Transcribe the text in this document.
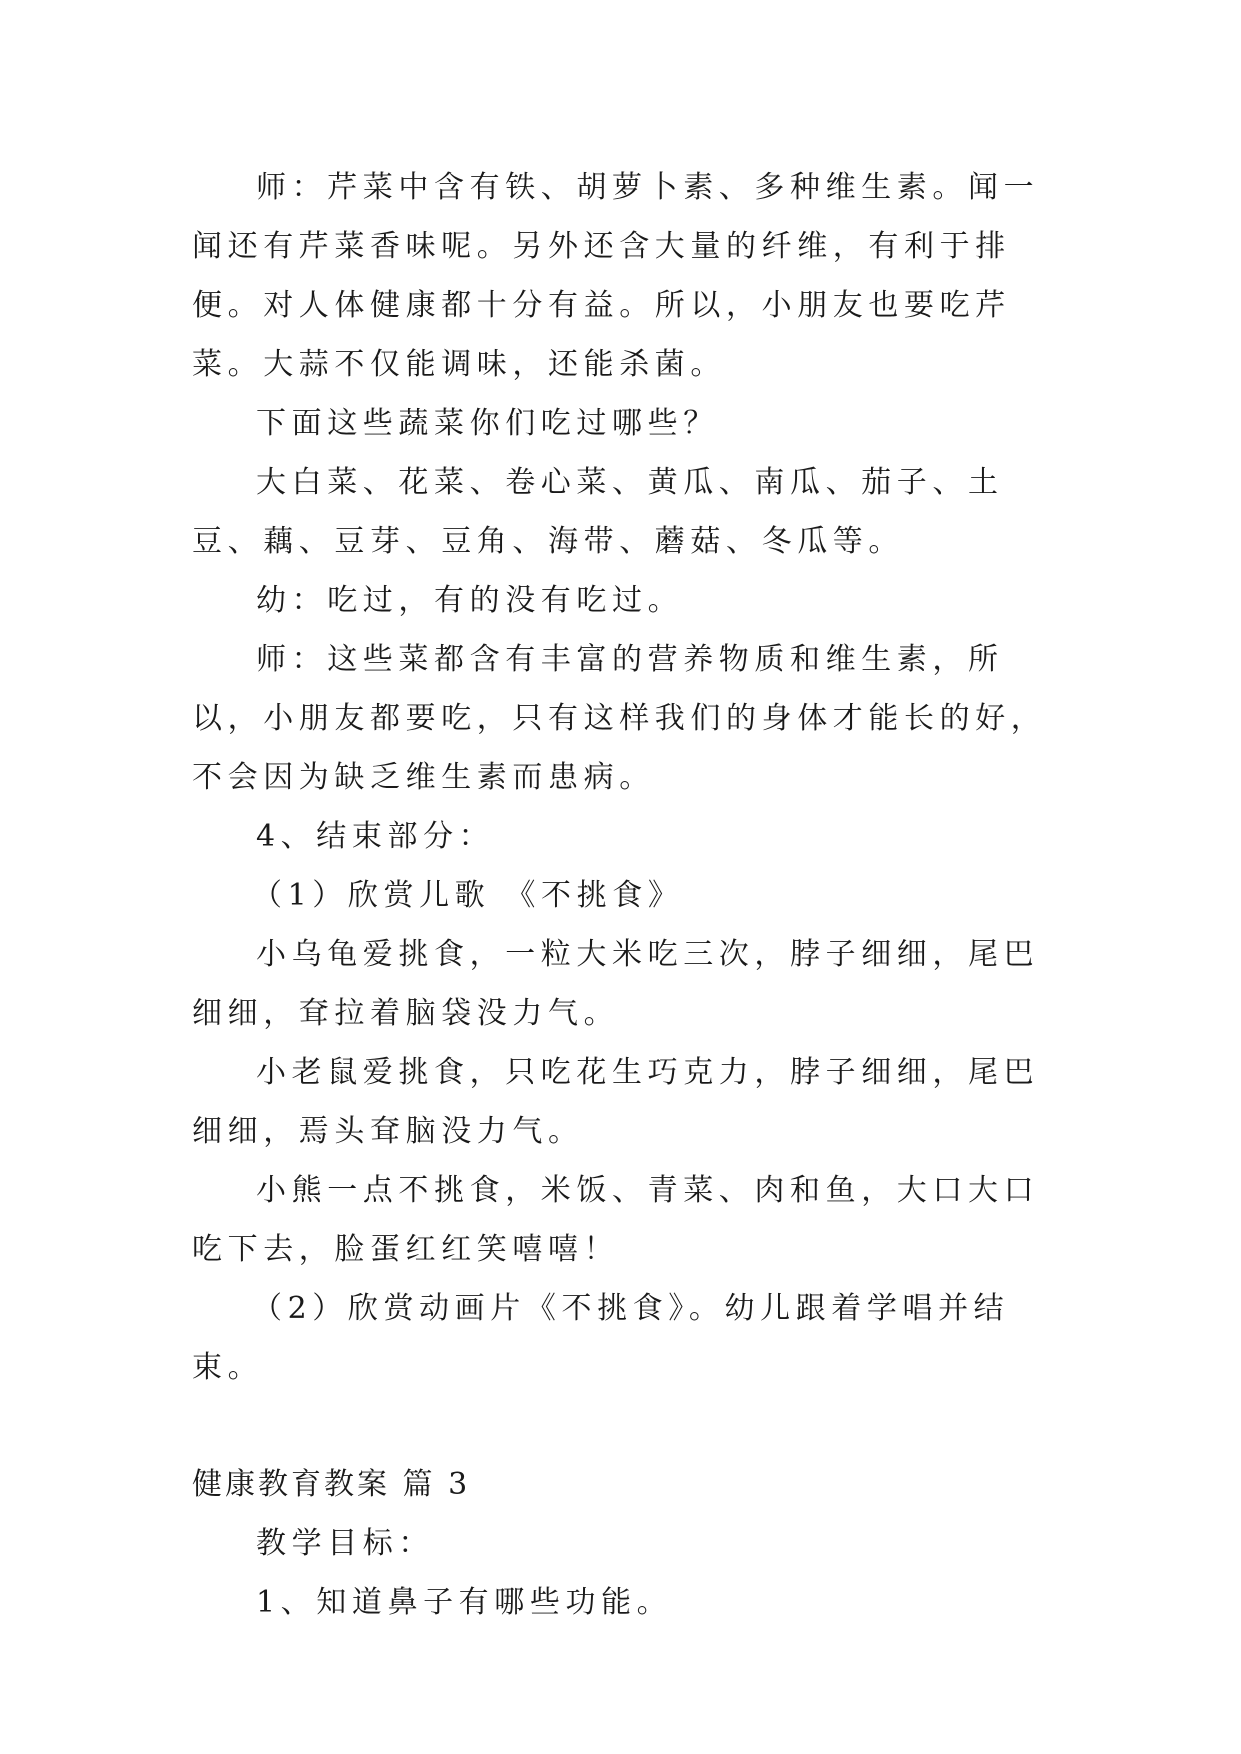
师：芹菜中含有铁、胡萝卜素、多种维生素。闻一闻还有芹菜香味呢。另外还含大量的纤维，有利于排便。对人体健康都十分有益。所以，小朋友也要吃芹菜。大蒜不仅能调味，还能杀菌。

下面这些蔬菜你们吃过哪些？

大白菜、花菜、卷心菜、黄瓜、南瓜、茄子、土豆、藕、豆芽、豆角、海带、蘑菇、冬瓜等。

幼：吃过，有的没有吃过。

师：这些菜都含有丰富的营养物质和维生素，所以，小朋友都要吃，只有这样我们的身体才能长的好，不会因为缺乏维生素而患病。

4、结束部分：

（1）欣赏儿歌 《不挑食》

小乌龟爱挑食，一粒大米吃三次，脖子细细，尾巴细细，耷拉着脑袋没力气。

小老鼠爱挑食，只吃花生巧克力，脖子细细，尾巴细细，焉头耷脑没力气。

小熊一点不挑食，米饭、青菜、肉和鱼，大口大口吃下去，脸蛋红红笑嘻嘻！

（2）欣赏动画片《不挑食》。幼儿跟着学唱并结束。

健康教育教案 篇 3

教学目标：

1、知道鼻子有哪些功能。
